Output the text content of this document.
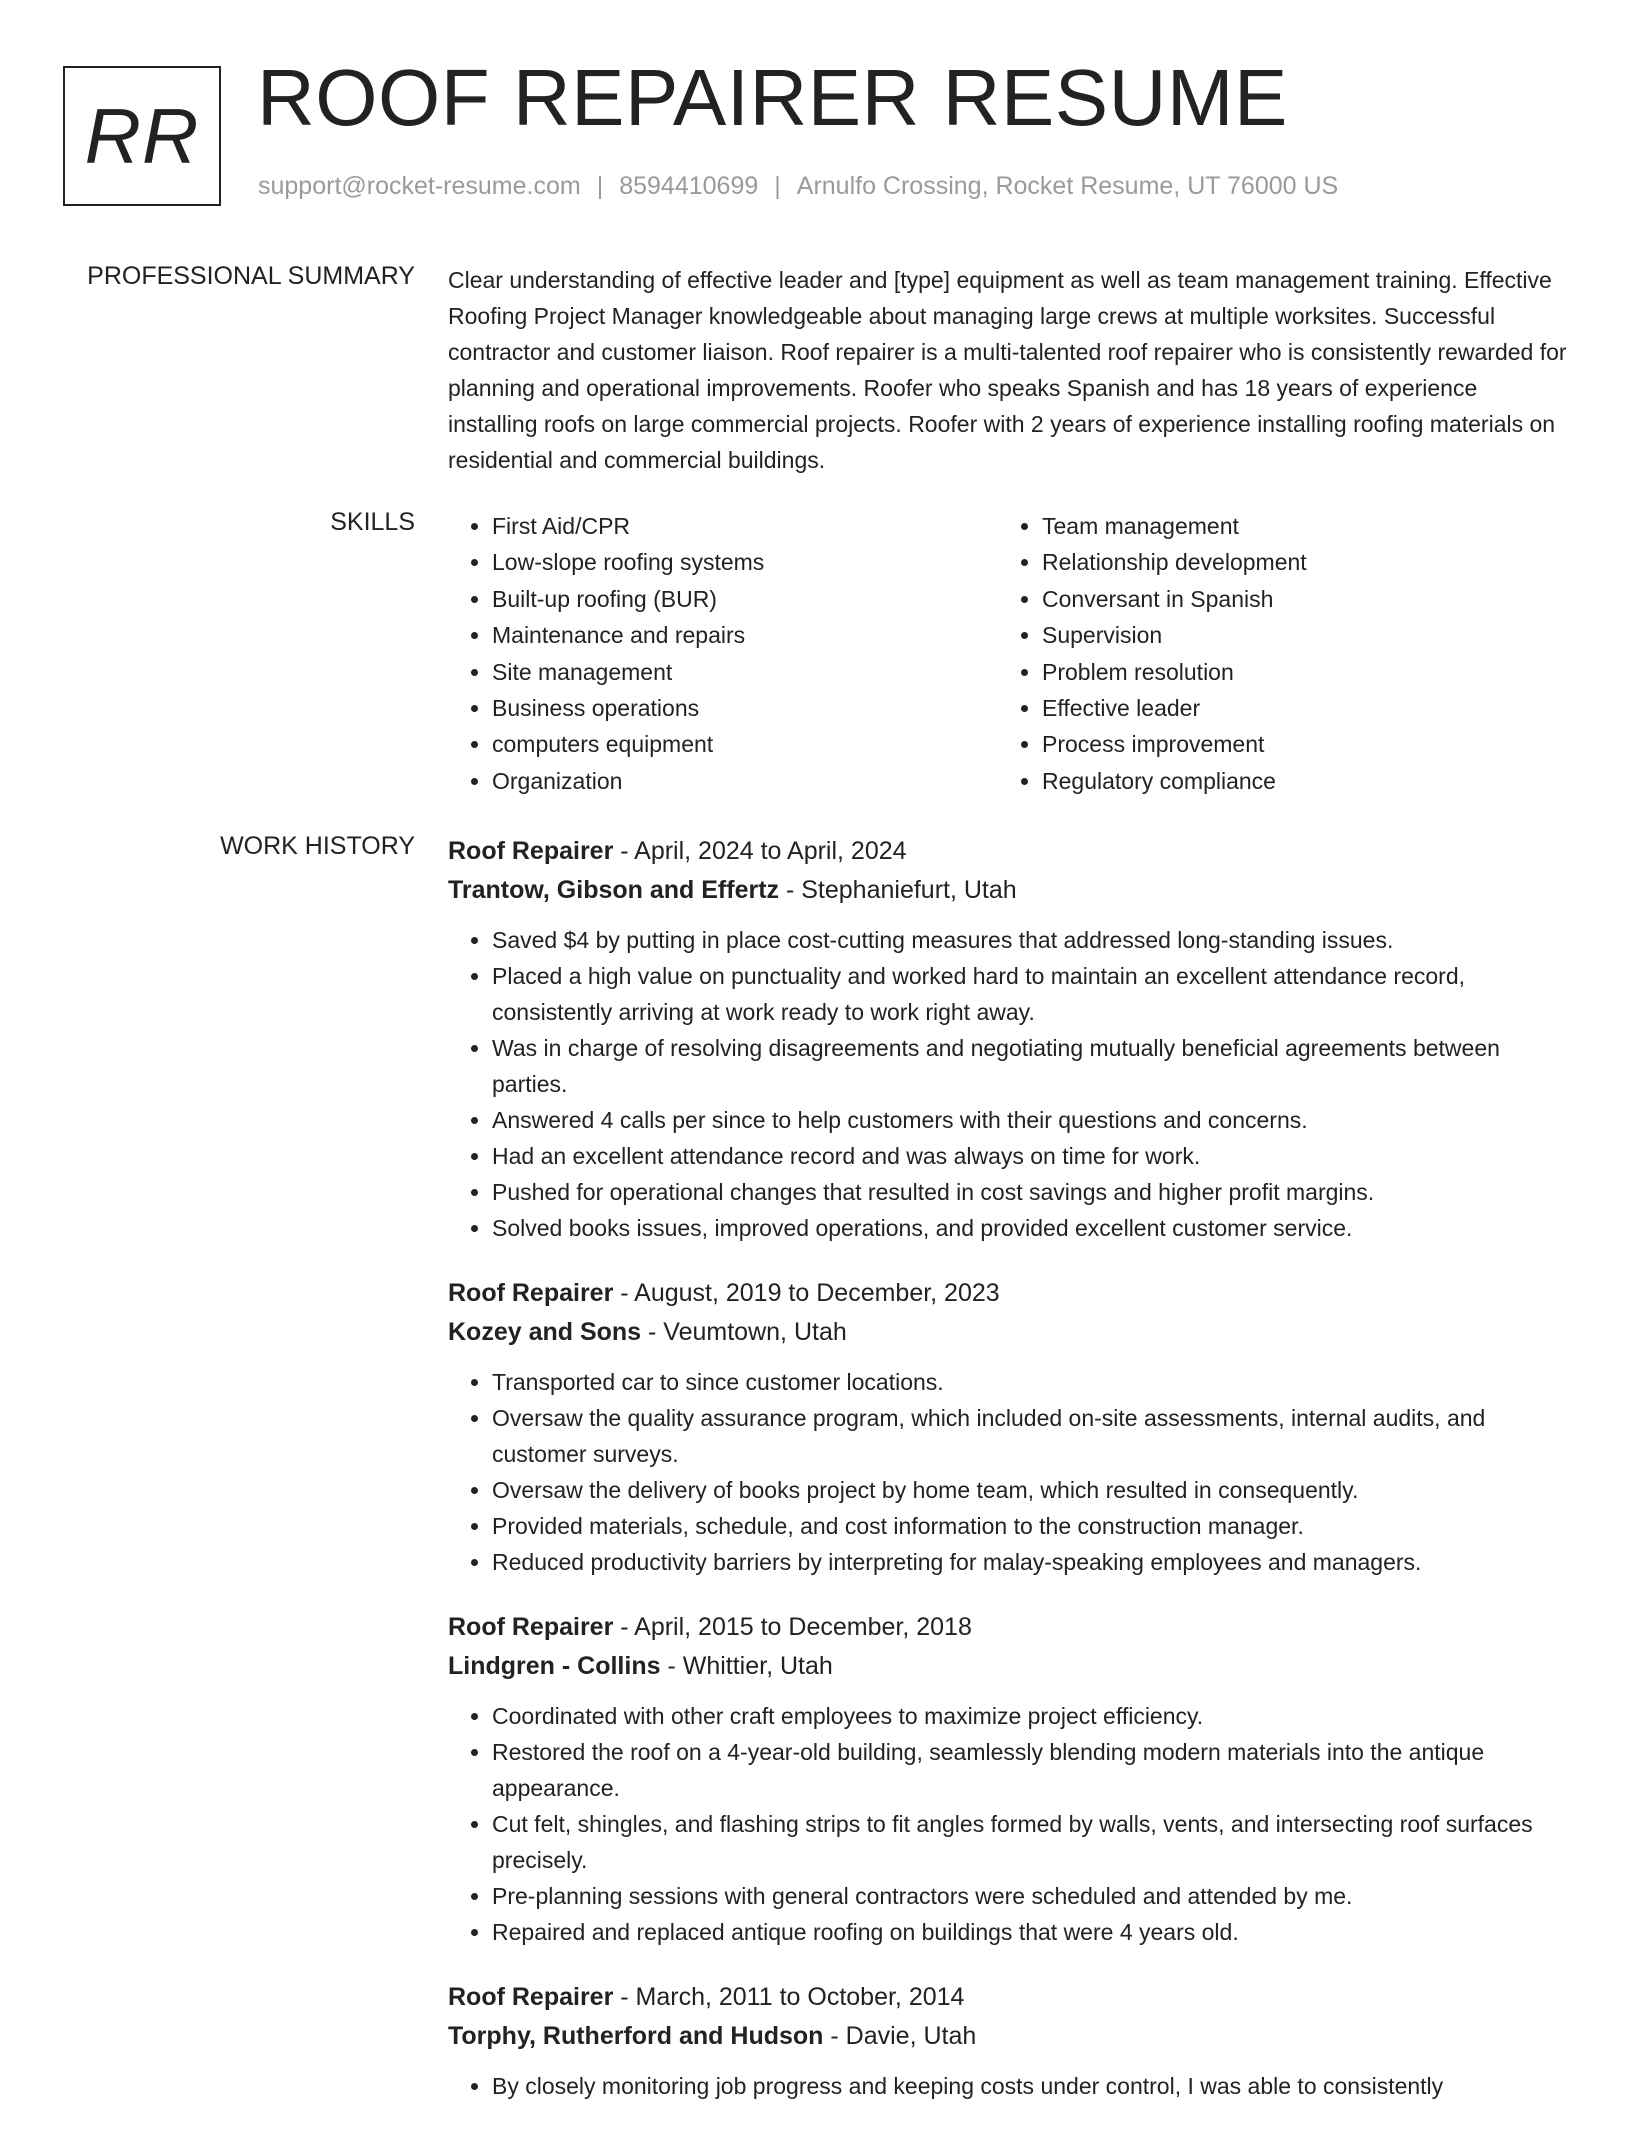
RR ROOF REPAIRER RESUME
support@rocket-resume.com | 8594410699 | Arnulfo Crossing, Rocket Resume, UT 76000 US
PROFESSIONAL SUMMARY Clear understanding of effective leader and [type] equipment as well as team management training. Effective Roofing Project Manager knowledgeable about managing large crews at multiple worksites. Successful contractor and customer liaison. Roof repairer is a multi-talented roof repairer who is consistently rewarded for planning and operational improvements. Roofer who speaks Spanish and has 18 years of experience installing roofs on large commercial projects. Roofer with 2 years of experience installing roofing materials on residential and commercial buildings.

SKILLS
•	First Aid/CPR
• Low-slope roofing systems
• Built-up roofing (BUR)
• Maintenance and repairs
• Site management
• Business operations
• computers equipment
• Organization
• Team management
• Relationship development
• Conversant in Spanish
• Supervision
• Problem resolution
• Effective leader
• Process improvement
• Regulatory compliance
WORK HISTORY Roof Repairer - April, 2024 to April, 2024
Trantow, Gibson and Effertz - Stephaniefurt, Utah
• Saved $4 by putting in place cost-cutting measures that addressed long-standing issues.
• Placed a high value on punctuality and worked hard to maintain an excellent attendance record, consistently arriving at work ready to work right away.
• Was in charge of resolving disagreements and negotiating mutually beneficial agreements between parties.
• Answered 4 calls per since to help customers with their questions and concerns.
• Had an excellent attendance record and was always on time for work.
• Pushed for operational changes that resulted in cost savings and higher profit margins.
• Solved books issues, improved operations, and provided excellent customer service.
Roof Repairer - August, 2019 to December, 2023
Kozey and Sons - Veumtown, Utah
• Transported car to since customer locations.
• Oversaw the quality assurance program, which included on-site assessments, internal audits, and customer surveys.
• Oversaw the delivery of books project by home team, which resulted in consequently.
• Provided materials, schedule, and cost information to the construction manager.
• Reduced productivity barriers by interpreting for malay-speaking employees and managers.
Roof Repairer - April, 2015 to December, 2018
Lindgren - Collins - Whittier, Utah
• Coordinated with other craft employees to maximize project efficiency.
• Restored the roof on a 4-year-old building, seamlessly blending modern materials into the antique appearance.
• Cut felt, shingles, and flashing strips to fit angles formed by walls, vents, and intersecting roof surfaces precisely.
• Pre-planning sessions with general contractors were scheduled and attended by me.
• Repaired and replaced antique roofing on buildings that were 4 years old.
Roof Repairer - March, 2011 to October, 2014
Torphy, Rutherford and Hudson - Davie, Utah
• By closely monitoring job progress and keeping costs under control, I was able to consistently
